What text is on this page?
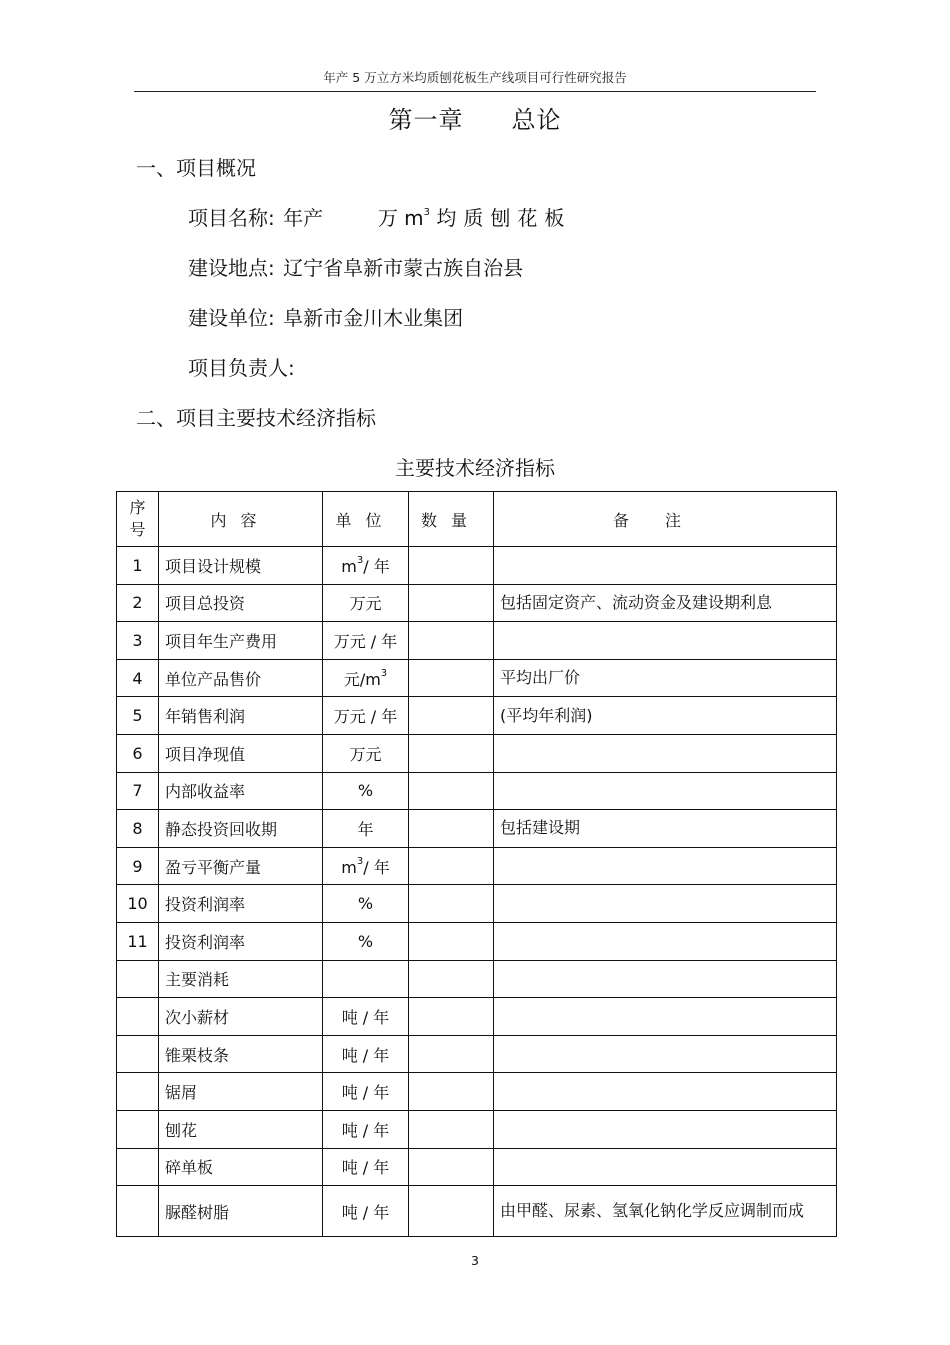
年产 5 万立方米均质刨花板生产线项目可行性研究报告
第一章 总论
一、项目概况
项目名称: 年产	万 $m^3$ 均质刨花板
建设地点: 辽宁省阜新市蒙古族自治县
建设单位: 阜新市金川木业集团
项目负责人:
二、项目主要技术经济指标
主要技术经济指标
序
号	内容	单位	数量	备注
1	项目设计规模	$m^3/$ 年		
2	项目总投资	万元		包括固定资产、流动资金及建设期利息
3	项目年生产费用	万元 / 年		
4	单位产品售价	元$/m^3$		平均出厂价
5	年销售利润	万元 / 年		(平均年利润)
6	项目净现值	万元		
7	内部收益率	%		
8	静态投资回收期	年		包括建设期
9	盈亏平衡产量	$m^3/$ 年		
10	投资利润率	%		
11	投资利润率	%		
	主要消耗			
	次小薪材	吨 / 年		
	锥栗枝条	吨 / 年		
	锯屑	吨 / 年		
	刨花	吨 / 年		
	碎单板	吨 / 年		
	脲醛树脂	吨 / 年		由甲醛、尿素、氢氧化钠化学反应调制而成
3
